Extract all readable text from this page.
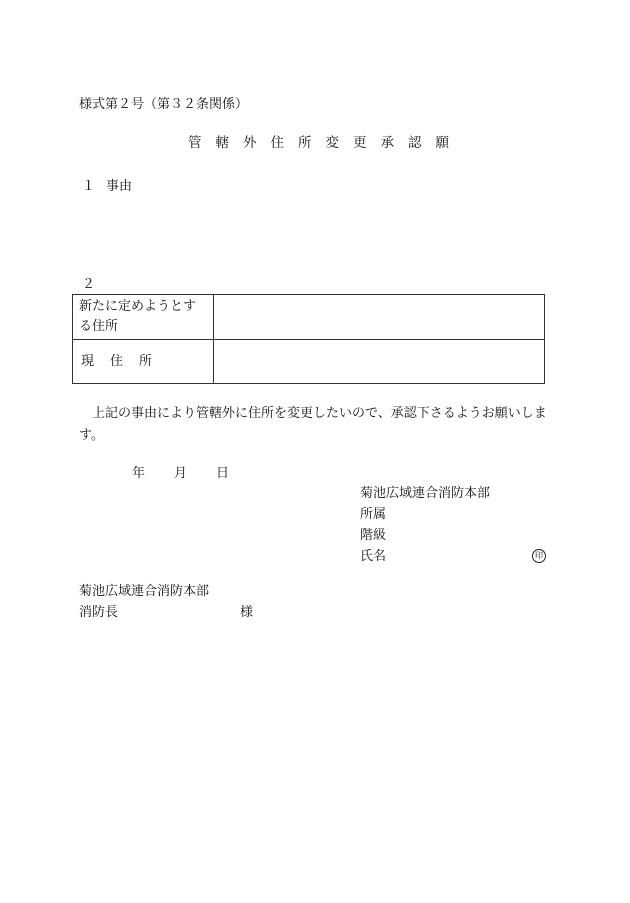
様式第２号（第３２条関係）
管轄外住所変更承認願
１ 事由
２
新たに定めようとする住所	
現住所	
上記の事由により管轄外に住所を変更したいので、承認下さるようお願いします。
年 月 日
菊池広域連合消防本部
所属
階級
氏名	印
菊池広域連合消防本部
消防長	様
